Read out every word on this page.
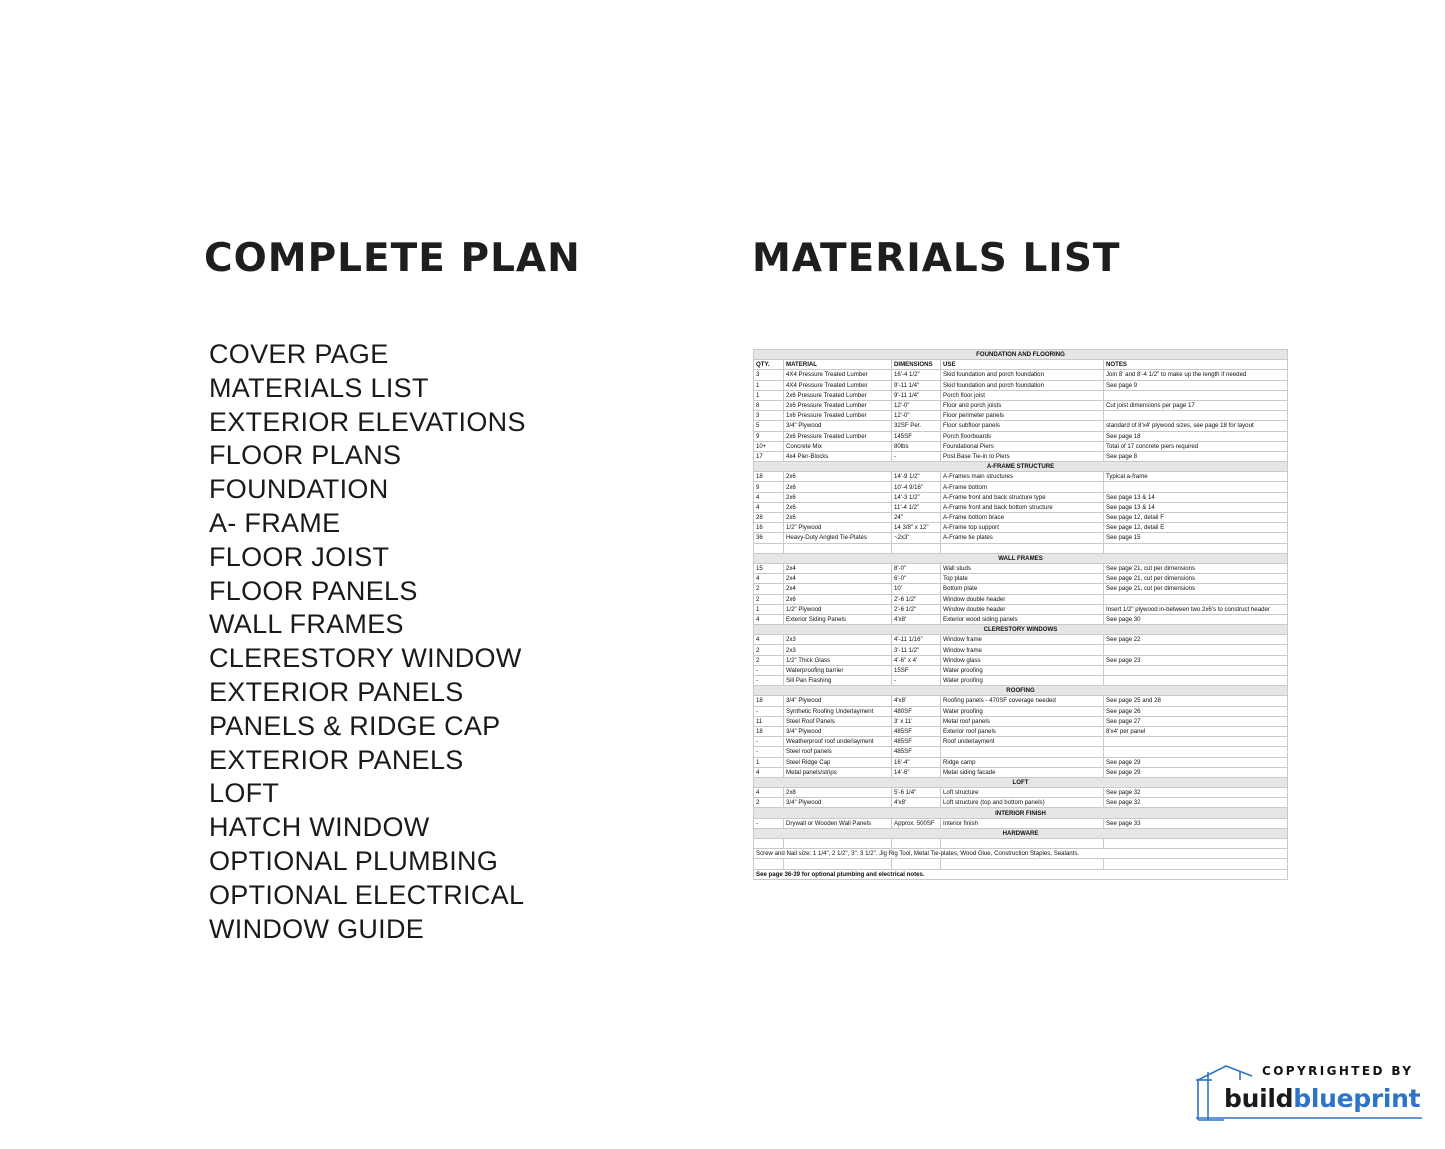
COMPLETE PLAN	MATERIALS LIST
COVER PAGE
MATERIALS LIST
EXTERIOR ELEVATIONS
FLOOR PLANS
FOUNDATION
A- FRAME
FLOOR JOIST
FLOOR PANELS
WALL FRAMES
CLERESTORY WINDOW
EXTERIOR PANELS
PANELS & RIDGE CAP
EXTERIOR PANELS
LOFT
HATCH WINDOW
OPTIONAL PLUMBING
OPTIONAL ELECTRICAL
WINDOW GUIDE
FOUNDATION AND FLOORING				
QTY.	MATERIAL	DIMENSIONS	USE	NOTES
3	4X4 Pressure Treated Lumber	16'-4 1/2"	Skid foundation and porch foundation	Join 8' and 8'-4 1/2" to make up the length if needed
1	4X4 Pressure Treated Lumber	9'-11 1/4"	Skid foundation and porch foundation	See page 9
1	2x6 Pressure Treated Lumber	9'-11 1/4"	Porch floor joist	
8	2x6 Pressure Treated Lumber	12'-0"	Floor and porch joists	Cut joist dimensions per page 17
3	1x6 Pressure Treated Lumber	12'-0"	Floor perimeter panels	
5	3/4" Plywood	32SF Per.	Floor subfloor panels	standard of 8'x4' plywood sizes, see page 18 for layout
9	2x6 Pressure Treated Lumber	145SF	Porch floorboards	See page 18
10+	Concrete Mix	80lbs	Foundational Piers	Total of 17 concrete piers required
17	4x4 Pier-Blocks	-	Post Base Tie-in to Piers	See page 8
A-FRAME STRUCTURE				
18	2x6	14'-9 1/2"	A-Frames main structures	Typical a-frame
9	2x6	10'-4 9/16"	A-Frame bottom	
4	2x6	14'-3 1/2"	A-Frame front and back structure type	See page 13 & 14
4	2x6	11'-4 1/2"	A-Frame front and back bottom structure	See page 13 & 14
28	2x6	24"	A-Frame bottom brace	See page 12, detail F
16	1/2" Plywood	14 3/8" x 12"	A-Frame top support	See page 12, detail E
36	Heavy-Duty Angled Tie-Plates	~2x3"	A-Frame tie plates	See page 15

WALL FRAMES				
15	2x4	8'-0"	Wall studs	See page 21, cut per dimensions
4	2x4	6'-0"	Top plate	See page 21, cut per dimensions
2	2x4	10'	Bottom plate	See page 21, cut per dimensions
2	2x6	2'-6 1/2"	Window double header	
1	1/2" Plywood	2'-6 1/2"	Window double header	Insert 1/2" plywood in-between two 2x6's to construct header
4	Exterior Siding Panels	4'x8'	Exterior wood siding panels	See page 30
CLERESTORY WINDOWS				
4	2x3	4'-11 1/16"	Window frame	See page 22
2	2x3	3'-11 1/2"	Window frame	
2	1/2" Thick Glass	4'-6" x 4'	Window glass	See page 23
-	Waterproofing barrier	15SF	Water proofing	
-	Sill Pan Flashing	-	Water proofing	
ROOFING				
18	3/4" Plywood	4'x8'	Roofing panels - 470SF coverage needed	See page 25 and 28
-	Synthetic Roofing Underlayment	480SF	Water proofing	See page 26
11	Steel Roof Panels	3' x 11'	Metal roof panels	See page 27
18	3/4" Plywood	485SF	Exterior roof panels	8'x4' per panel
-	Weatherproof roof underlayment	485SF	Roof underlayment	
-	Steel roof panels	485SF		
1	Steel Ridge Cap	16'-4"	Ridge camp	See page 29
4	Metal panels/strips	14'-6"	Metal siding facade	See page 29
LOFT				
4	2x8	5'-6 1/4"	Loft structure	See page 32
2	3/4" Plywood	4'x8'	Loft structure (top and bottom panels)	See page 32
INTERIOR FINISH				
-	Drywall or Wooden Wall Panels	Approx. 500SF	Interior finish	See page 33
HARDWARE				

Screw and Nail size: 1 1/4", 2 1/2", 3". 3 1/2". Jig Rig Tool, Metal Tie-plates, Wood Glue, Construction Staples, Sealants.				

See page 36-39 for optional plumbing and electrical notes.				
COPYRIGHTED BY
buildblueprint
